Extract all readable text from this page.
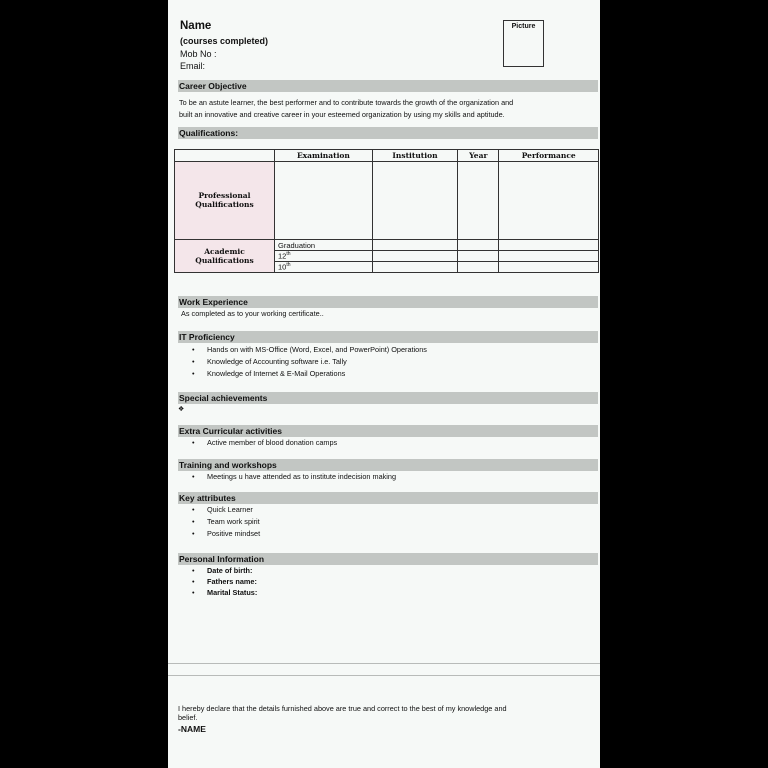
Name
(courses completed)
Mob No :
Email:
Picture
Career Objective
To be an astute learner, the best performer and to contribute towards the growth of the organization and
built an innovative and creative career in your esteemed organization by using my skills and aptitude.
Qualifications:
	Examination	Institution	Year	Performance
Professional Qualifications				
Academic Qualifications	Graduation			
	12th			
	10th			
Work Experience
As completed as to your working certificate..
IT Proficiency
Hands on with MS-Office (Word, Excel, and PowerPoint) Operations
Knowledge of Accounting software i.e. Tally
Knowledge of Internet & E-Mail Operations
Special achievements
❖
Extra Curricular activities
Active member of blood donation camps
Training and workshops
Meetings u have attended as to institute indecision making
Key attributes
Quick Learner
Team work spirit
Positive mindset
Personal Information
Date of birth:
Fathers name:
Marital Status:
I hereby declare that the details furnished above are true and correct to the best of my knowledge and
belief.
-NAME
